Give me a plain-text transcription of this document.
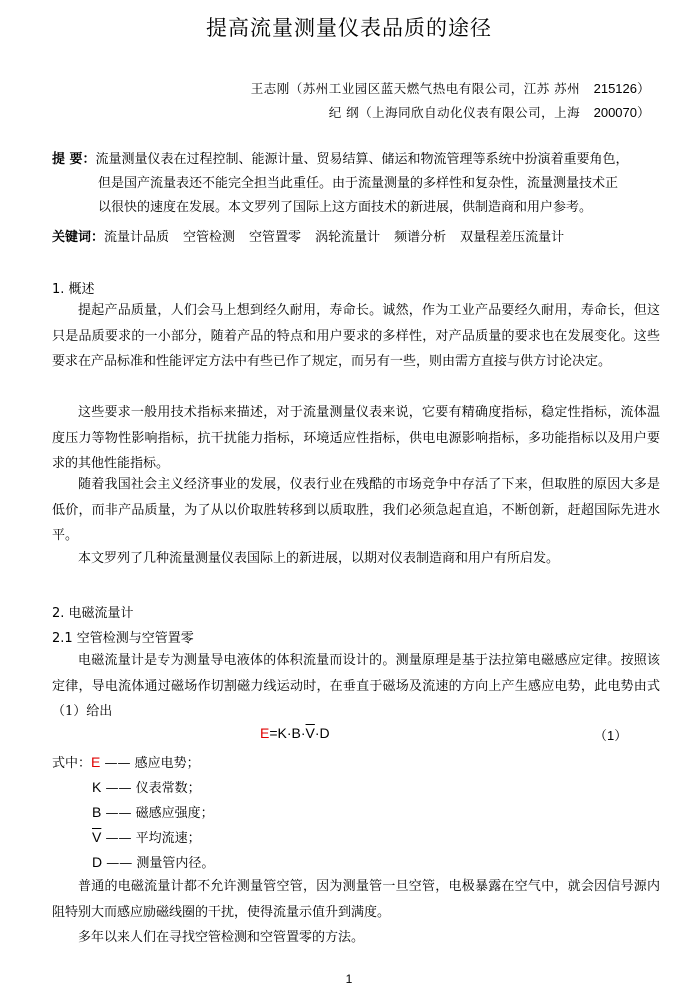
提高流量测量仪表品质的途径
王志刚（苏州工业园区蓝天燃气热电有限公司，江苏 苏州 215126）
纪 纲（上海同欣自动化仪表有限公司，上海 200070）
提 要：流量测量仪表在过程控制、能源计量、贸易结算、储运和物流管理等系统中扮演着重要角色，
但是国产流量表还不能完全担当此重任。由于流量测量的多样性和复杂性，流量测量技术正
以很快的速度在发展。本文罗列了国际上这方面技术的新进展，供制造商和用户参考。
关键词：流量计品质 空管检测 空管置零 涡轮流量计 频谱分析 双量程差压流量计
1. 概述
提起产品质量，人们会马上想到经久耐用，寿命长。诚然，作为工业产品要经久耐用，寿命长，但这只是品质要求的一小部分，随着产品的特点和用户要求的多样性，对产品质量的要求也在发展变化。这些要求在产品标准和性能评定方法中有些已作了规定，而另有一些，则由需方直接与供方讨论决定。
这些要求一般用技术指标来描述，对于流量测量仪表来说，它要有精确度指标，稳定性指标，流体温度压力等物性影响指标，抗干扰能力指标，环境适应性指标，供电电源影响指标，多功能指标以及用户要求的其他性能指标。
随着我国社会主义经济事业的发展，仪表行业在残酷的市场竞争中存活了下来，但取胜的原因大多是低价，而非产品质量，为了从以价取胜转移到以质取胜，我们必须急起直追，不断创新，赶超国际先进水平。
本文罗列了几种流量测量仪表国际上的新进展，以期对仪表制造商和用户有所启发。
2. 电磁流量计
2.1 空管检测与空管置零
电磁流量计是专为测量导电液体的体积流量而设计的。测量原理是基于法拉第电磁感应定律。按照该定律，导电流体通过磁场作切割磁力线运动时，在垂直于磁场及流速的方向上产生感应电势，此电势由式（1）给出
$E=K\cdot B\cdot\overline{V}\cdot D$	（1）
式中：E —— 感应电势；
K —— 仪表常数；
B —— 磁感应强度；
$\overline{V}$ —— 平均流速；
D —— 测量管内径。
普通的电磁流量计都不允许测量管空管，因为测量管一旦空管，电极暴露在空气中，就会因信号源内阻特别大而感应励磁线圈的干扰，使得流量示值升到满度。
多年以来人们在寻找空管检测和空管置零的方法。
1
